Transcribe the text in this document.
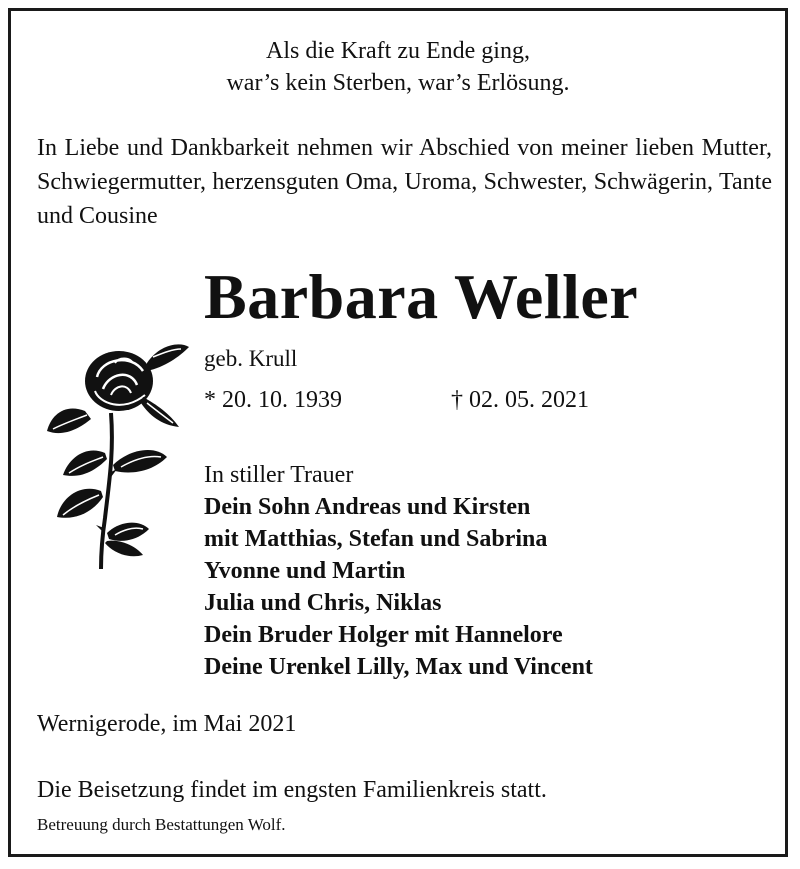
Als die Kraft zu Ende ging,
war’s kein Sterben, war’s Erlösung.
In Liebe und Dankbarkeit nehmen wir Abschied von meiner lieben Mutter, Schwiegermutter, herzensguten Oma, Uroma, Schwester, Schwägerin, Tante und Cousine
Barbara Weller
geb. Krull
* 20. 10. 1939	† 02. 05. 2021
In stiller Trauer
Dein Sohn Andreas und Kirsten
mit Matthias, Stefan und Sabrina
Yvonne und Martin
Julia und Chris, Niklas
Dein Bruder Holger mit Hannelore
Deine Urenkel Lilly, Max und Vincent
Wernigerode, im Mai 2021
Die Beisetzung findet im engsten Familienkreis statt.
Betreuung durch Bestattungen Wolf.
